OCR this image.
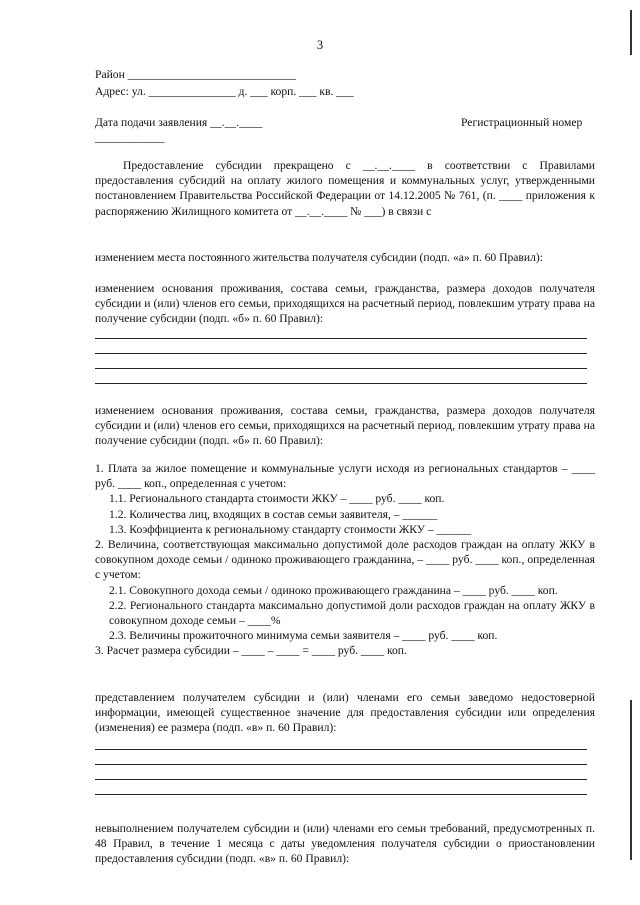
3
Район _____________________________
Адрес: ул. _______________ д. ___ корп. ___ кв. ___
Дата подачи заявления __.__.____	Регистрационный номер
____________
Предоставление субсидии прекращено с __.__.____ в соответствии с Правилами предоставления субсидий на оплату жилого помещения и коммунальных услуг, утвержденными постановлением Правительства Российской Федерации от 14.12.2005 № 761, (п. ____ приложения к распоряжению Жилищного комитета от __.__.____ № ___) в связи с
изменением места постоянного жительства получателя субсидии (подп. «а» п. 60 Правил):
изменением основания проживания, состава семьи, гражданства, размера доходов получателя субсидии и (или) членов его семьи, приходящихся на расчетный период, повлекшим утрату права на получение субсидии (подп. «б» п. 60 Правил):
изменением основания проживания, состава семьи, гражданства, размера доходов получателя субсидии и (или) членов его семьи, приходящихся на расчетный период, повлекшим утрату права на получение субсидии (подп. «б» п. 60 Правил):
1. Плата за жилое помещение и коммунальные услуги исходя из региональных стандартов – ____ руб. ____ коп., определенная с учетом:
1.1. Регионального стандарта стоимости ЖКУ – ____ руб. ____ коп.
1.2. Количества лиц, входящих в состав семьи заявителя, – ______
1.3. Коэффициента к региональному стандарту стоимости ЖКУ – ______
2. Величина, соответствующая максимально допустимой доле расходов граждан на оплату ЖКУ в совокупном доходе семьи / одиноко проживающего гражданина, – ____ руб. ____ коп., определенная с учетом:
2.1. Совокупного дохода семьи / одиноко проживающего гражданина – ____ руб. ____ коп.
2.2. Регионального стандарта максимально допустимой доли расходов граждан на оплату ЖКУ в совокупном доходе семьи – ____%
2.3. Величины прожиточного минимума семьи заявителя – ____ руб. ____ коп.
3. Расчет размера субсидии – ____ – ____ = ____ руб. ____ коп.
представлением получателем субсидии и (или) членами его семьи заведомо недостоверной информации, имеющей существенное значение для предоставления субсидии или определения (изменения) ее размера (подп. «в» п. 60 Правил):
невыполнением получателем субсидии и (или) членами его семьи требований, предусмотренных п. 48 Правил, в течение 1 месяца с даты уведомления получателя субсидии о приостановлении предоставления субсидии (подп. «в» п. 60 Правил):
